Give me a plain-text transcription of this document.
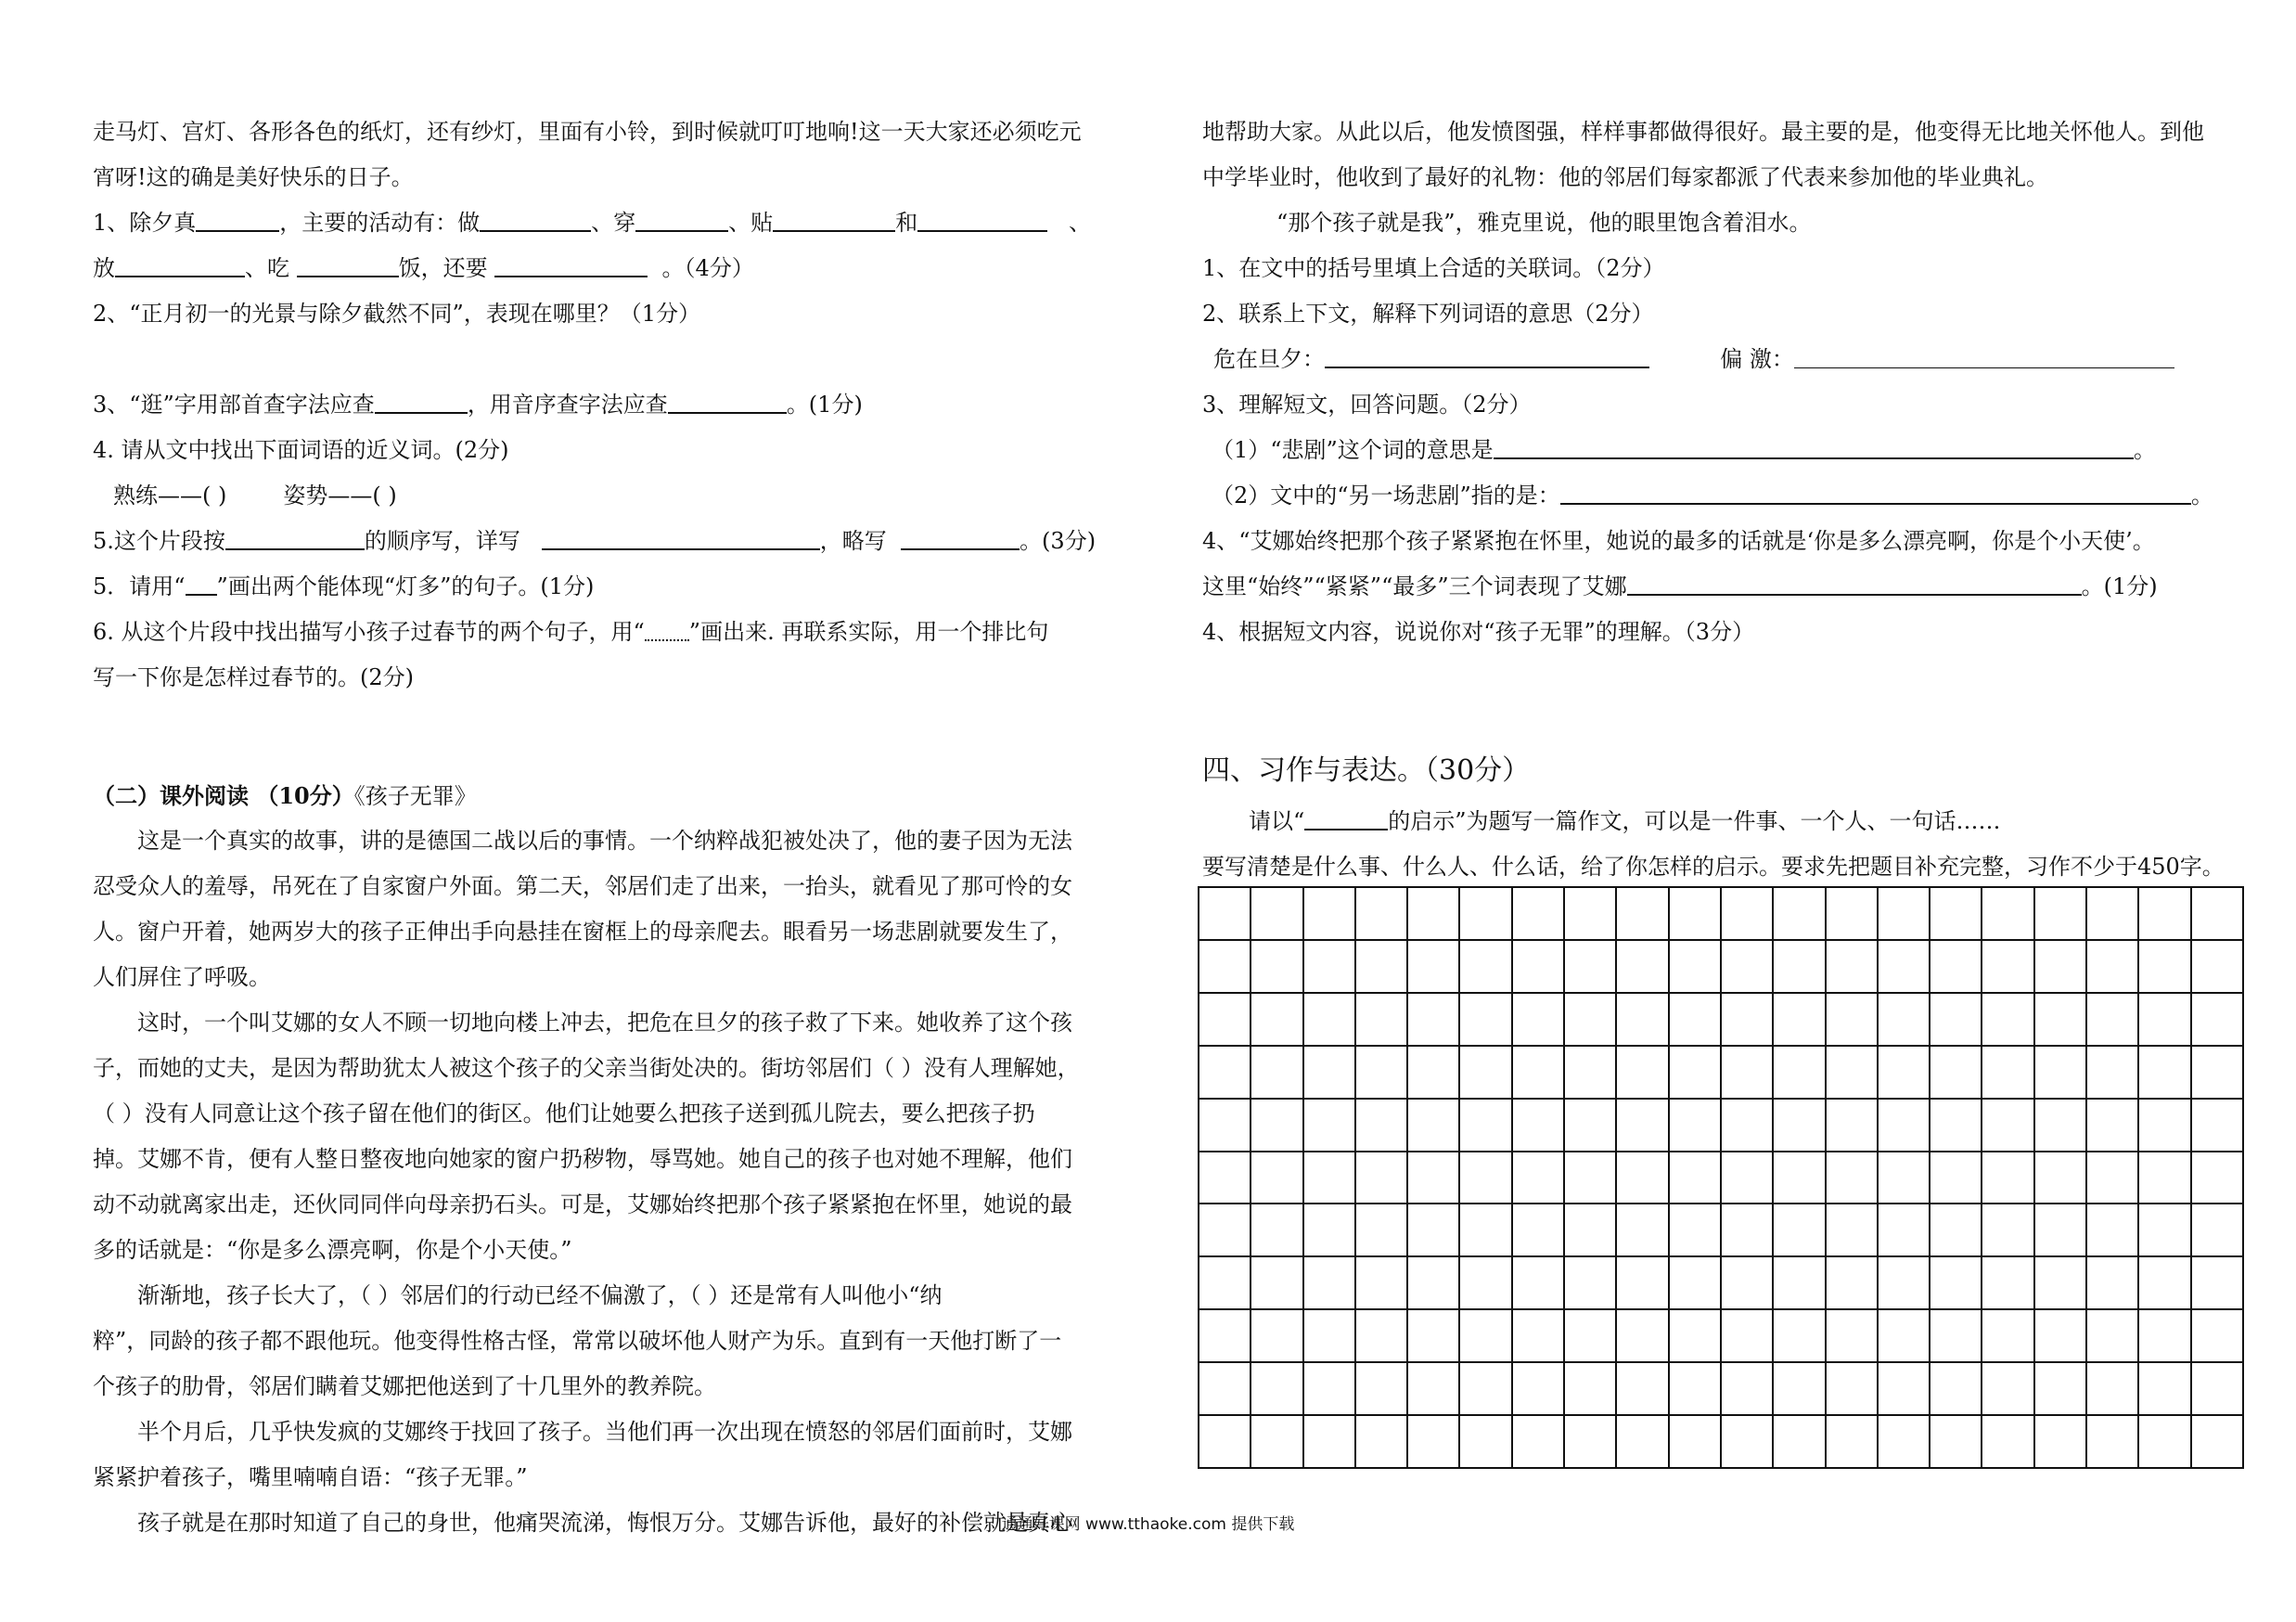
走马灯、宫灯、各形各色的纸灯，还有纱灯，里面有小铃，到时候就叮叮地响!这一天大家还必须吃元
宵呀!这的确是美好快乐的日子。
1、除夕真	，主要的活动有：做	、穿	、贴	和	、
放	、吃	饭，还要	。（4分）
2、“正月初一的光景与除夕截然不同”，表现在哪里？（1分）
3、“逛”字用部首查字法应查	，用音序查字法应查	。(1分)
4. 请从文中找出下面词语的近义词。(2分)
熟练——( )	姿势——( )
5.这个片段按	的顺序写，详写	，略写	。(3分)
5．请用“ ”画出两个能体现“灯多”的句子。(1分)
6. 从这个片段中找出描写小孩子过春节的两个句子，用“ ”画出来. 再联系实际，用一个排比句
写一下你是怎样过春节的。(2分)
（二）课外阅读 （10分）《孩子无罪》
这是一个真实的故事，讲的是德国二战以后的事情。一个纳粹战犯被处决了，他的妻子因为无法
忍受众人的羞辱，吊死在了自家窗户外面。第二天，邻居们走了出来，一抬头，就看见了那可怜的女
人。窗户开着，她两岁大的孩子正伸出手向悬挂在窗框上的母亲爬去。眼看另一场悲剧就要发生了，
人们屏住了呼吸。
这时，一个叫艾娜的女人不顾一切地向楼上冲去，把危在旦夕的孩子救了下来。她收养了这个孩
子，而她的丈夫，是因为帮助犹太人被这个孩子的父亲当街处决的。街坊邻居们（ ）没有人理解她，
（ ）没有人同意让这个孩子留在他们的街区。他们让她要么把孩子送到孤儿院去，要么把孩子扔
掉。艾娜不肯，便有人整日整夜地向她家的窗户扔秽物，辱骂她。她自己的孩子也对她不理解，他们
动不动就离家出走，还伙同同伴向母亲扔石头。可是，艾娜始终把那个孩子紧紧抱在怀里，她说的最
多的话就是：“你是多么漂亮啊，你是个小天使。”
渐渐地，孩子长大了，（ ）邻居们的行动已经不偏激了，（ ）还是常有人叫他小“纳
粹”，同龄的孩子都不跟他玩。他变得性格古怪，常常以破坏他人财产为乐。直到有一天他打断了一
个孩子的肋骨，邻居们瞒着艾娜把他送到了十几里外的教养院。
半个月后，几乎快发疯的艾娜终于找回了孩子。当他们再一次出现在愤怒的邻居们面前时，艾娜
紧紧护着孩子，嘴里喃喃自语：“孩子无罪。”
孩子就是在那时知道了自己的身世，他痛哭流涕，悔恨万分。艾娜告诉他，最好的补偿就是真心
地帮助大家。从此以后，他发愤图强，样样事都做得很好。最主要的是，他变得无比地关怀他人。到他
中学毕业时，他收到了最好的礼物：他的邻居们每家都派了代表来参加他的毕业典礼。
“那个孩子就是我”，雅克里说，他的眼里饱含着泪水。
1、在文中的括号里填上合适的关联词。（2分）
2、联系上下文，解释下列词语的意思（2分）
危在旦夕：	偏 激：
3、理解短文，回答问题。（2分）
（1）“悲剧”这个词的意思是	。
（2）文中的“另一场悲剧”指的是：	。
4、“艾娜始终把那个孩子紧紧抱在怀里，她说的最多的话就是‘你是多么漂亮啊，你是个小天使’。
这里“始终”“紧紧”“最多”三个词表现了艾娜	。(1分)
4、根据短文内容，说说你对“孩子无罪”的理解。（3分）
四、习作与表达。（30分）
请以“	的启示”为题写一篇作文，可以是一件事、一个人、一句话……
要写清楚是什么事、什么人、什么话，给了你怎样的启示。要求先把题目补充完整，习作不少于450字。
通通好课网 www.tthaoke.com 提供下载
